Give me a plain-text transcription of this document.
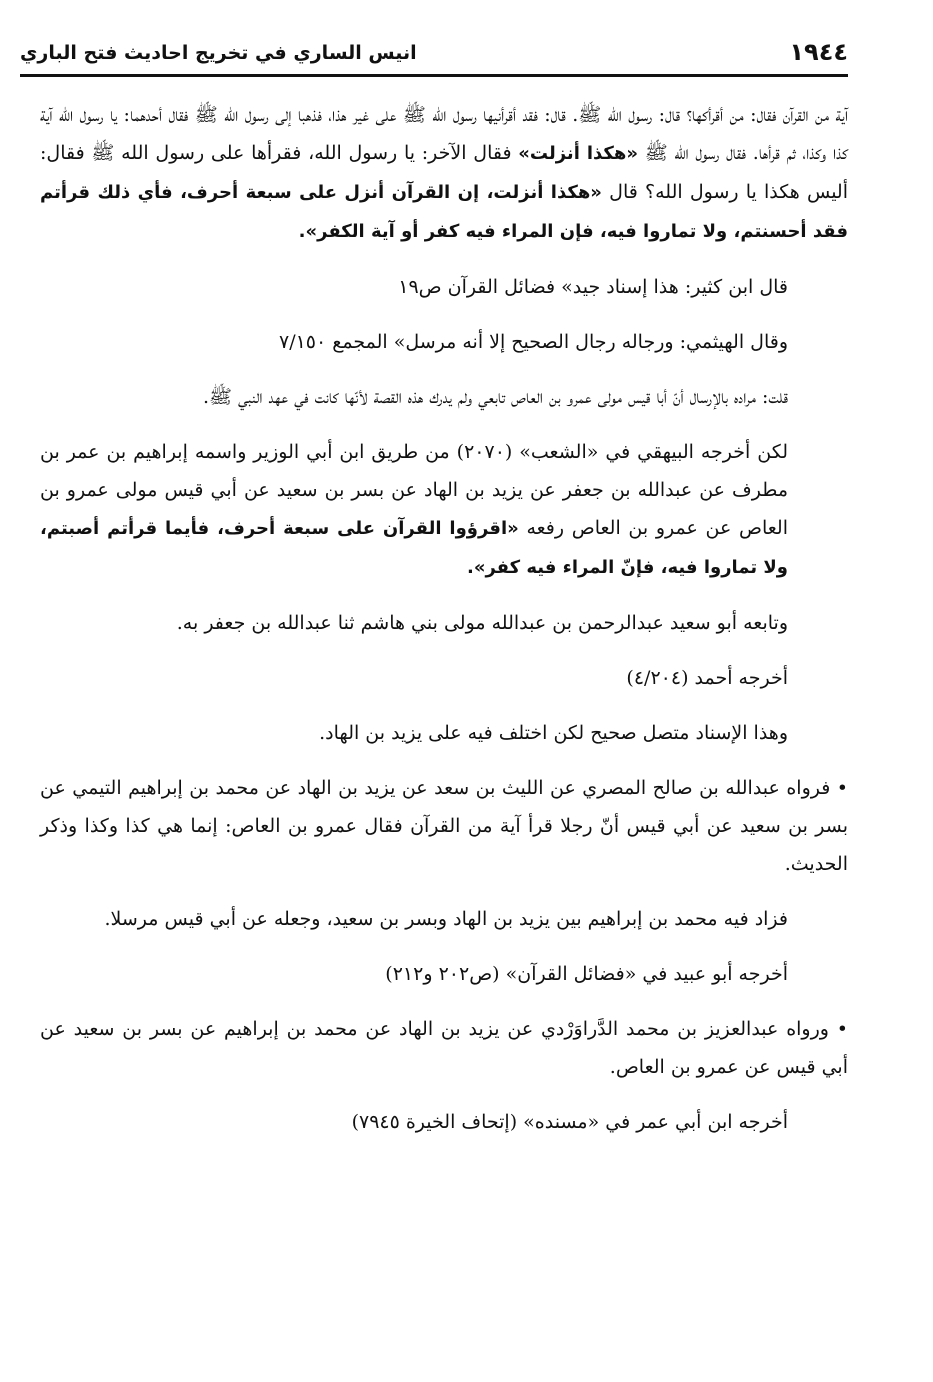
١٩٤٤
انيس الساري في تخريج احاديث فتح الباري

آية من القرآن فقال: من أقرأكها؟ قال: رسول الله ﷺ. قال: فقد أقرأنيها رسول الله ﷺ على غير هذا، فذهبا إلى رسول الله ﷺ فقال أحدهما: يا رسول الله آية كذا وكذا، ثم قرأها. فقال رسول الله ﷺ «هكذا أنزلت» فقال الآخر: يا رسول الله، فقرأها على رسول الله ﷺ فقال: أليس هكذا يا رسول الله؟ قال «هكذا أنزلت، إن القرآن أنزل على سبعة أحرف، فأي ذلك قرأتم فقد أحسنتم، ولا تماروا فيه، فإن المراء فيه كفر أو آية الكفر».

قال ابن كثير: هذا إسناد جيد» فضائل القرآن ص١٩

وقال الهيثمي: ورجاله رجال الصحيح إلا أنه مرسل» المجمع ٧/١٥٠

قلت: مراده بالإرسال أنّ أبا قيس مولى عمرو بن العاص تابعي ولم يدرك هذه القصة لأنّها كانت في عهد النبي ﷺ.

لكن أخرجه البيهقي في «الشعب» (٢٠٧٠) من طريق ابن أبي الوزير واسمه إبراهيم بن عمر بن مطرف عن عبدالله بن جعفر عن يزيد بن الهاد عن بسر بن سعيد عن أبي قيس مولى عمرو بن العاص عن عمرو بن العاص رفعه «اقرؤوا القرآن على سبعة أحرف، فأيما قرأتم أصبتم، ولا تماروا فيه، فإنّ المراء فيه كفر».

وتابعه أبو سعيد عبدالرحمن بن عبدالله مولى بني هاشم ثنا عبدالله بن جعفر به.

أخرجه أحمد (٤/٢٠٤)

وهذا الإسناد متصل صحيح لكن اختلف فيه على يزيد بن الهاد.

• فرواه عبدالله بن صالح المصري عن الليث بن سعد عن يزيد بن الهاد عن محمد بن إبراهيم التيمي عن بسر بن سعيد عن أبي قيس أنّ رجلا قرأ آية من القرآن فقال عمرو بن العاص: إنما هي كذا وكذا وذكر الحديث.

فزاد فيه محمد بن إبراهيم بين يزيد بن الهاد وبسر بن سعيد، وجعله عن أبي قيس مرسلا.

أخرجه أبو عبيد في «فضائل القرآن» (ص٢٠٢ و٢١٢)

• ورواه عبدالعزيز بن محمد الدَّراوَرْدي عن يزيد بن الهاد عن محمد بن إبراهيم عن بسر بن سعيد عن أبي قيس عن عمرو بن العاص.

أخرجه ابن أبي عمر في «مسنده» (إتحاف الخيرة ٧٩٤٥)
